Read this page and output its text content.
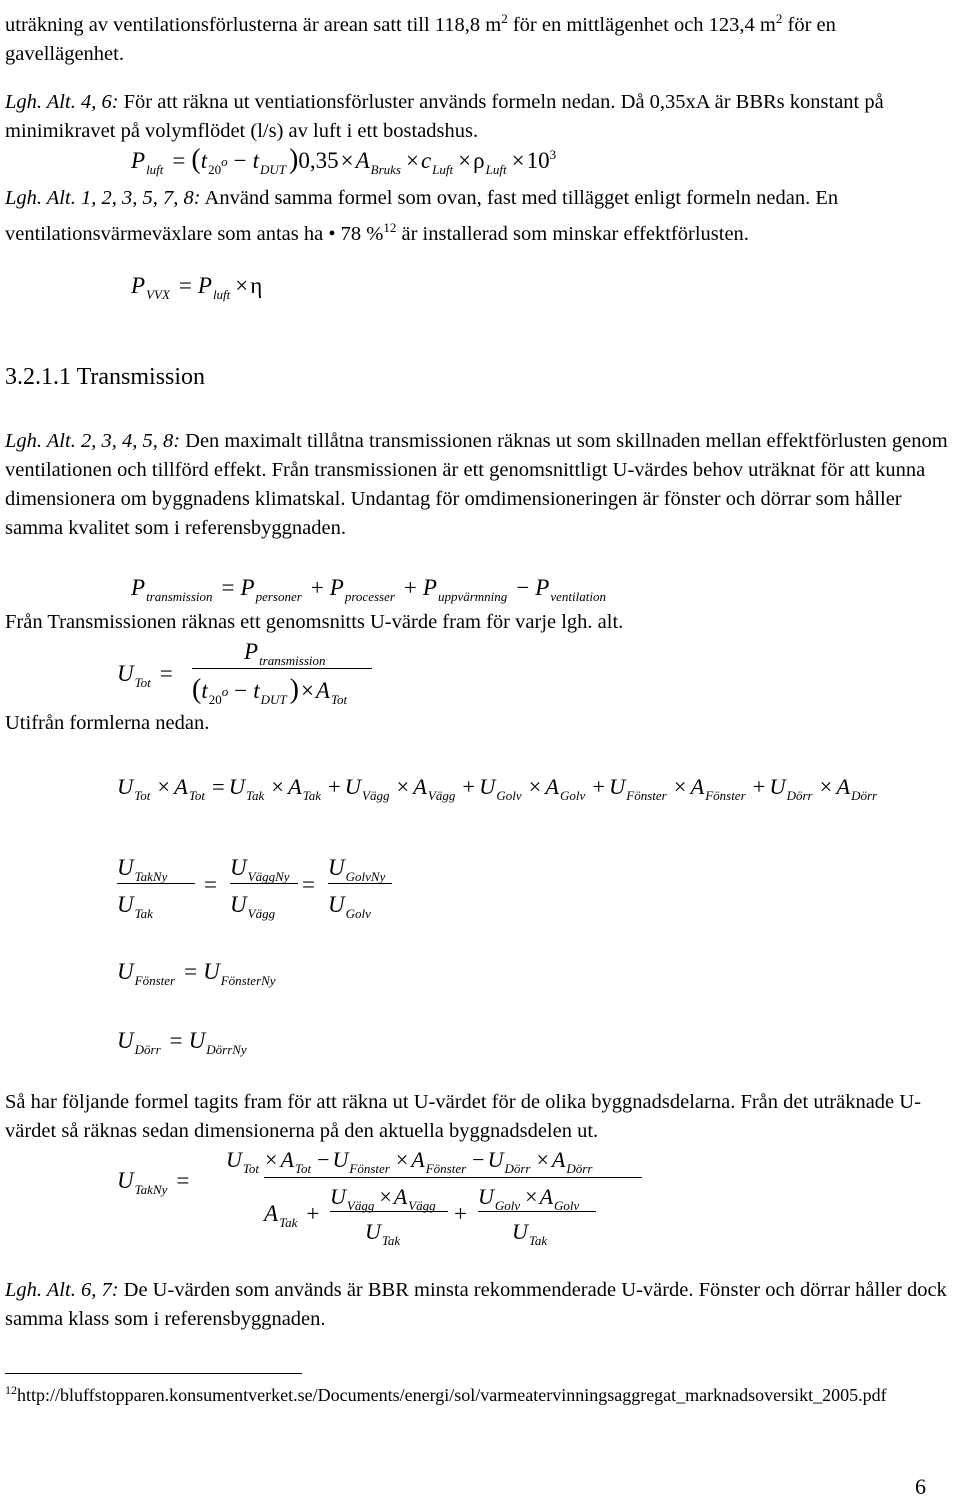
uträkning av ventilationsförlusterna är arean satt till 118,8 $m^2$ för en mittlägenhet och 123,4 $m^2$ för en gavellägenhet.

Lgh. Alt. 4, 6: För att räkna ut ventiationsförluster används formeln nedan. Då 0,35xA är BBRs konstant på minimikravet på volymflödet (l/s) av luft i ett bostadshus.

$P_{luft} = (t_{20}o - t_{DUT}$ )$0,35\times A_{Bruks} \times c_{Luft} \times\rho_{Luft} \times 10^3$

Lgh. Alt. 1, 2, 3, 5, 7, 8: Använd samma formel som ovan, fast med tillägget enligt formeln nedan. En ventilationsvärmeväxlare som antas ha • 78 %$^{12}$ är installerad som minskar effektförlusten.

$P_{VVX} = P_{luft} \times\eta$
3.2.1.1 Transmission

Lgh. Alt. 2, 3, 4, 5, 8: Den maximalt tillåtna transmissionen räknas ut som skillnaden mellan effektförlusten genom ventilationen och tillförd effekt. Från transmissionen är ett genomsnittligt U-värdes behov uträknat för att kunna dimensionera om byggnadens klimatskal. Undantag för omdimensioneringen är fönster och dörrar som håller samma kvalitet som i referensbyggnaden.

$P_{transmission} = P_{personer} + P_{processer} + P_{uppvärmning} - P_{ventilation}$

Från Transmissionen räknas ett genomsnitts U-värde fram för varje lgh. alt.

$U_{Tot}$ =
$P_{transmission}$
($t_{20}o - t_{DUT}$ )$\times A_{Tot}$

Utifrån formlerna nedan.

$U_{Tot} \times A_{Tot} = U_{Tak} \times A_{Tak} + U_{Vägg} \times A_{Vägg} + U_{Golv} \times A_{Golv} + U_{Fönster} \times A_{Fönster} + U_{Dörr} \times A_{Dörr}$
$U_{TakNy}$
$U_{Tak}$
=
$U_{VäggNy}$
$U_{Vägg}$
=
$U_{GolvNy}$
$U_{Golv}$
$U_{Fönster} = U_{FönsterNy}$
$U_{Dörr} = U_{DörrNy}$

Så har följande formel tagits fram för att räkna ut U-värdet för de olika byggnadsdelarna. Från det uträknade U-värdet så räknas sedan dimensionerna på den aktuella byggnadsdelen ut.

$U_{TakNy}$ =
$U_{Tot} \times A_{Tot} - U_{Fönster} \times A_{Fönster} - U_{Dörr} \times A_{Dörr}$
$A_{Tak}$ +
$U_{Vägg} \times A_{Vägg}$
$U_{Tak}$
+
$U_{Golv} \times A_{Golv}$
$U_{Tak}$

Lgh. Alt. 6, 7: De U-värden som används är BBR minsta rekommenderade U-värde. Fönster och dörrar håller dock samma klass som i referensbyggnaden.

$^{12}$http://bluffstopparen.konsumentverket.se/Documents/energi/sol/varmeatervinningsaggregat_marknadsoversikt_2005.pdf

6
